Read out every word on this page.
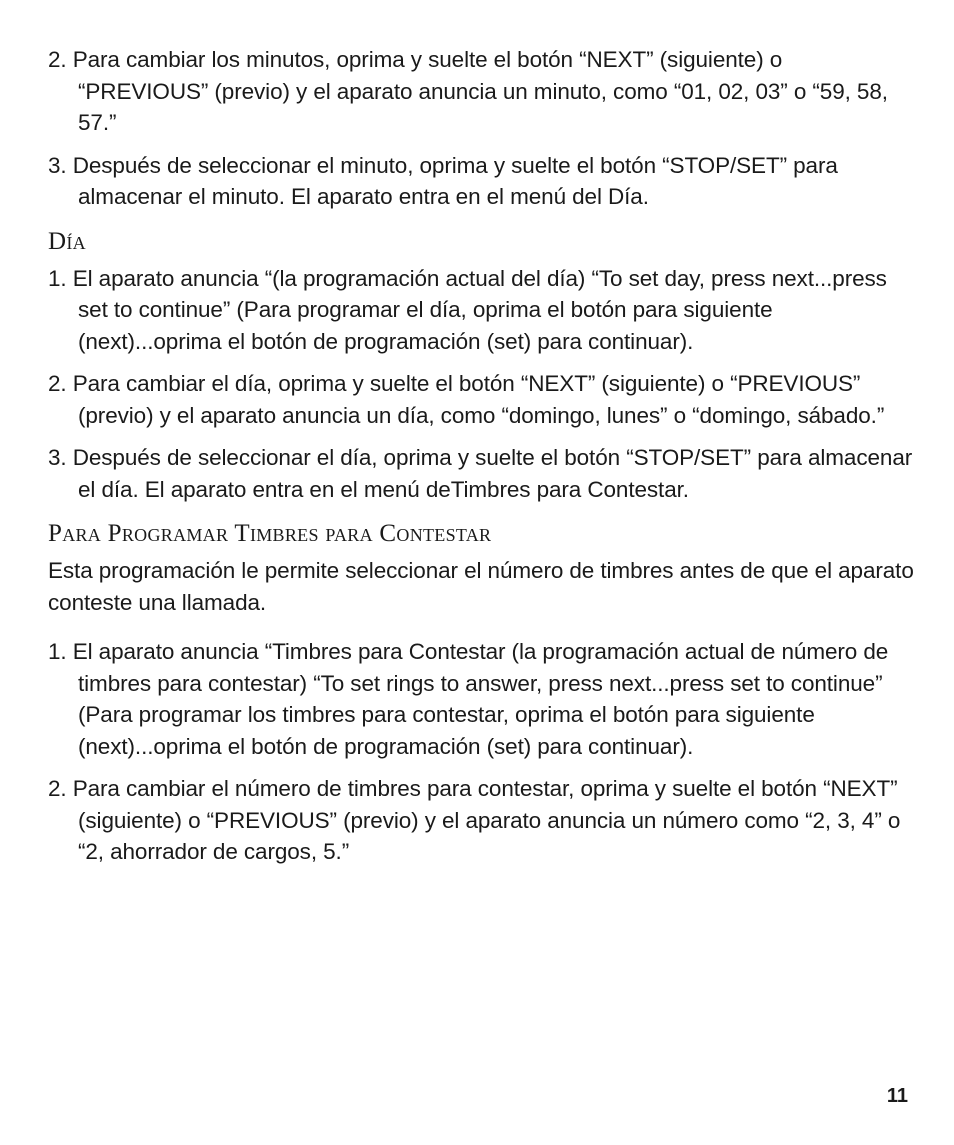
2. Para cambiar los minutos, oprima y suelte el botón “NEXT” (siguiente) o “PREVIOUS” (previo) y el aparato anuncia un minuto, como “01, 02, 03” o “59, 58, 57.”

3. Después de seleccionar el minuto, oprima y suelte el botón “STOP/SET” para almacenar el minuto. El aparato entra en el menú del Día.

Día

1. El aparato anuncia “(la programación actual del día) “To set day, press next...press set to continue” (Para programar el día, oprima el botón para siguiente (next)...oprima el botón de programación (set) para continuar).

2. Para cambiar el día, oprima y suelte el botón “NEXT” (siguiente) o “PREVIOUS” (previo) y el aparato anuncia un día, como “domingo, lunes” o “domingo, sábado.”

3. Después de seleccionar el día, oprima y suelte el botón “STOP/SET” para almacenar el día. El aparato entra en el menú deTimbres para Contestar.

Para Programar Timbres para Contestar

Esta programación le permite seleccionar el número de timbres antes de que el aparato conteste una llamada.

1. El aparato anuncia “Timbres para Contestar (la programación actual de número de timbres para contestar) “To set rings to answer, press next...press set to continue” (Para programar los timbres para contestar, oprima el botón para siguiente (next)...oprima el botón de programación (set) para continuar).

2. Para cambiar el número de timbres para contestar, oprima y suelte el botón “NEXT” (siguiente) o “PREVIOUS” (previo) y el aparato anuncia un número como “2, 3, 4” o “2, ahorrador de cargos, 5.”

11
